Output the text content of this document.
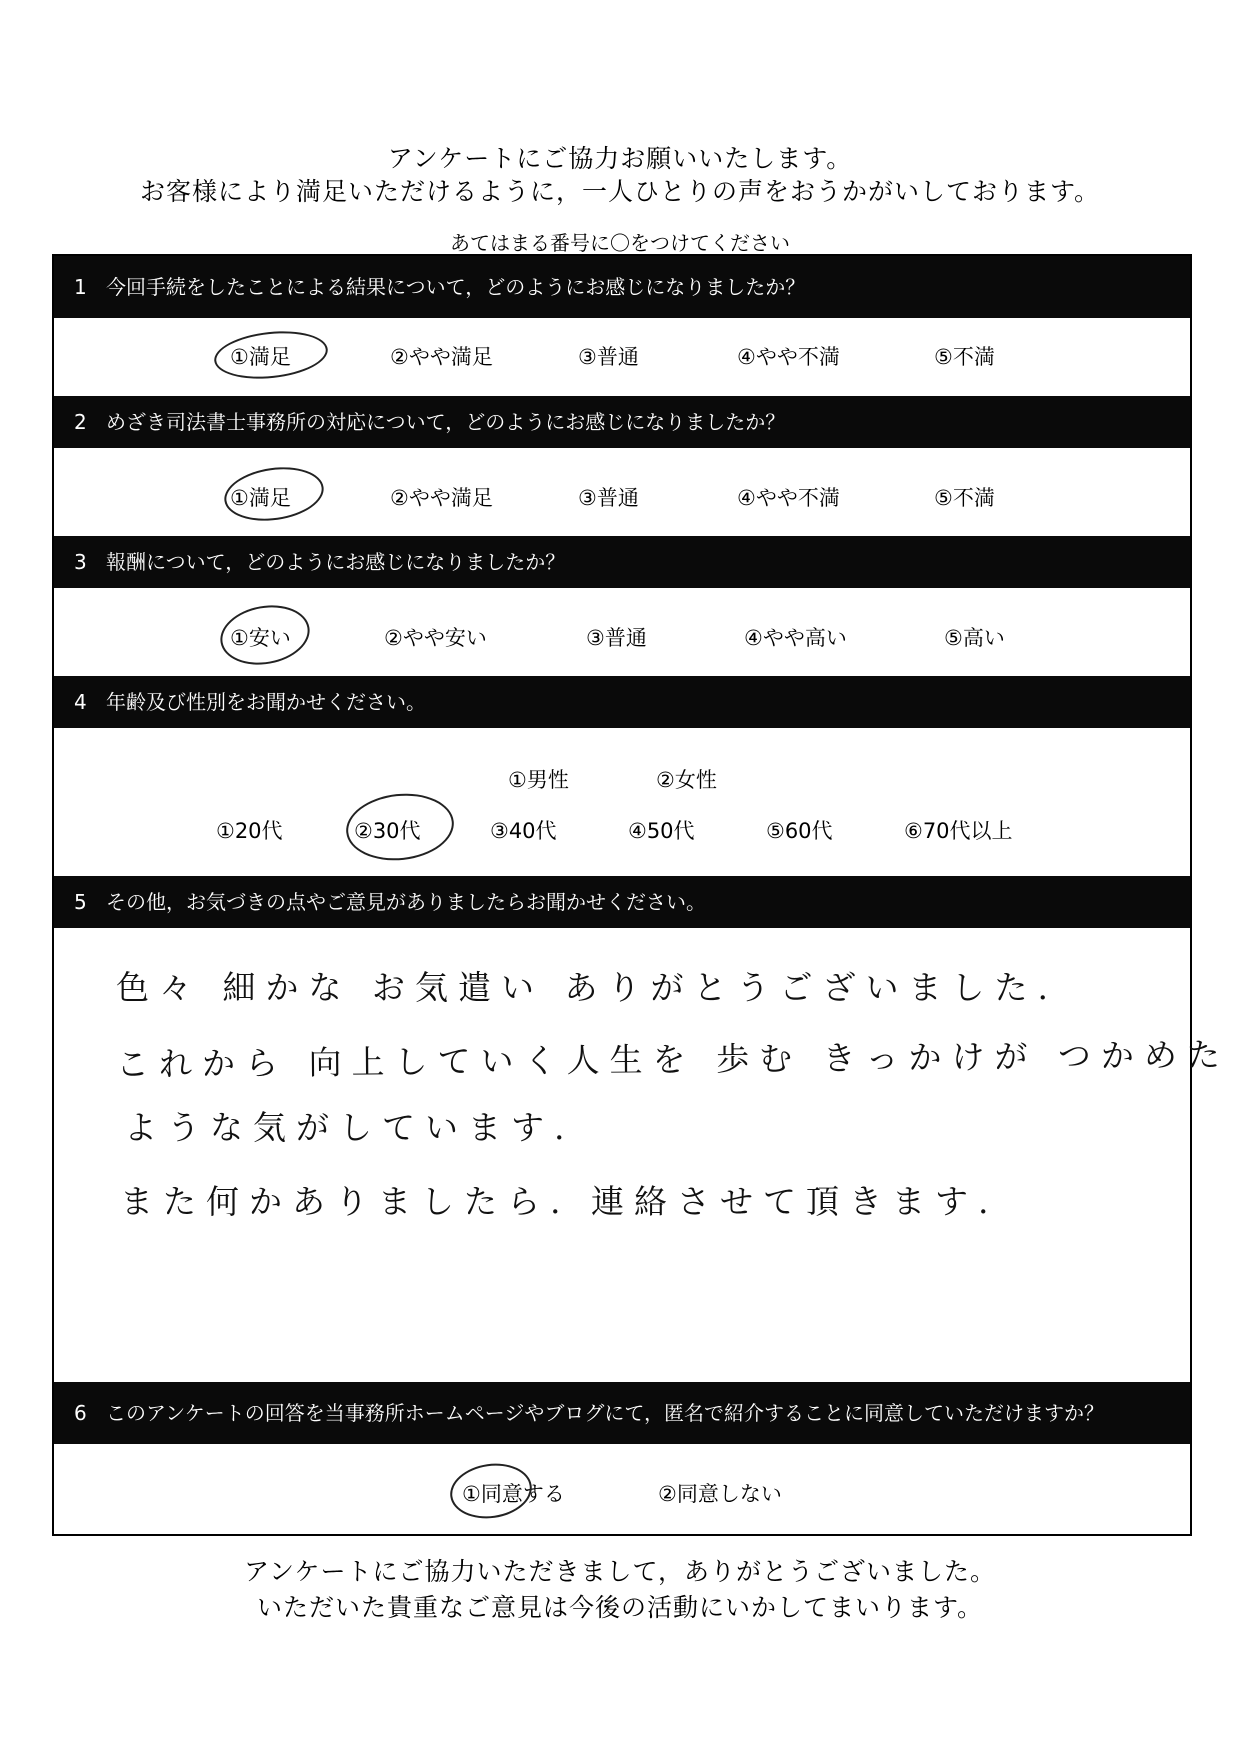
アンケートにご協力お願いいたします。
お客様により満足いただけるように，一人ひとりの声をおうかがいしております。
あてはまる番号に〇をつけてください
1 今回手続をしたことによる結果について，どのようにお感じになりましたか？
①満足	②やや満足	③普通	④やや不満	⑤不満
2 めざき司法書士事務所の対応について，どのようにお感じになりましたか？
①満足	②やや満足	③普通	④やや不満	⑤不満
3 報酬について，どのようにお感じになりましたか？
①安い	②やや安い	③普通	④やや高い	⑤高い
4 年齢及び性別をお聞かせください。
①男性	②女性
①20代	②30代	③40代	④50代	⑤60代	⑥70代以上
5 その他，お気づきの点やご意見がありましたらお聞かせください。
色々 細かな お気遣い ありがとうございました.
これから 向上していく人生を 歩む きっかけが つかめた
ような気がしています.
また何かありましたら. 連絡させて頂きます.
6 このアンケートの回答を当事務所ホームページやブログにて，匿名で紹介することに同意していただけますか？
①同意する	②同意しない
アンケートにご協力いただきまして，ありがとうございました。
いただいた貴重なご意見は今後の活動にいかしてまいります。
